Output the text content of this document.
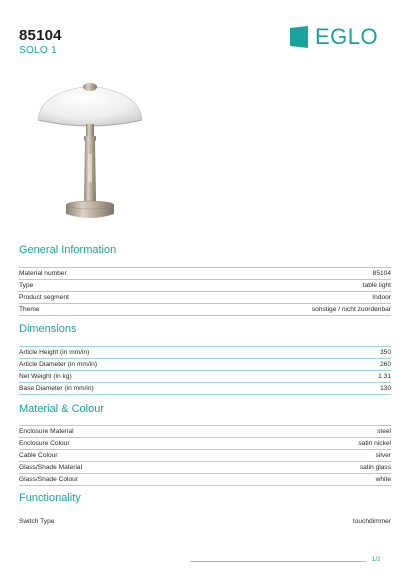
85104
SOLO 1
EGLO
General Information
Material number	85104
Type	table light
Product segment	Indoor
Theme	sonstige / nicht zuordenbar
Dimensions
Article Height (in mm/in)	350
Article Diameter (in mm/in)	260
Net Weight (in kg)	1.31
Base Diameter (in mm/in)	130
Material & Colour
Enclosure Material	steel
Enclosure Colour	satin nickel
Cable Colour	silver
Glass/Shade Material	satin glass
Glass/Shade Colour	white
Functionality
Switch Type	touchdimmer
1/2
